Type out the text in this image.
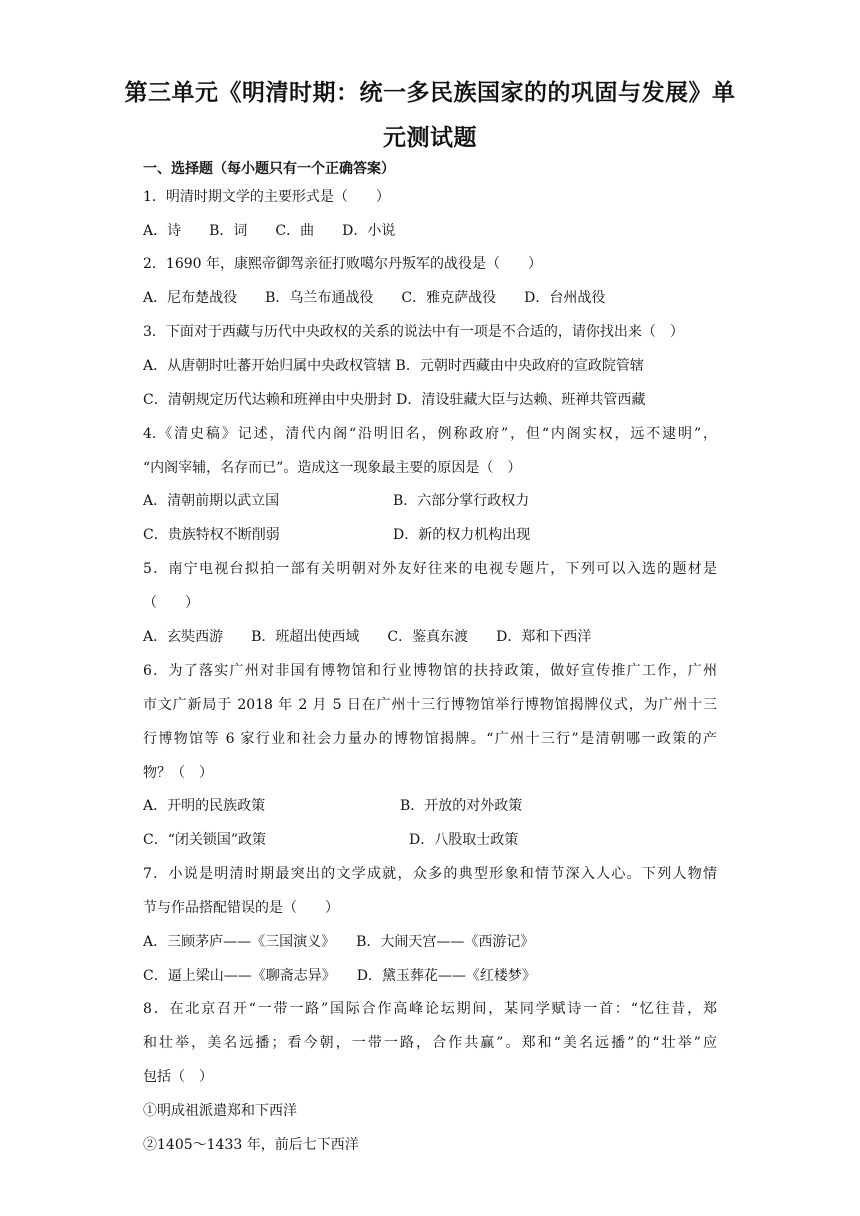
第三单元《明清时期：统一多民族国家的的巩固与发展》单
元测试题
一、选择题（每小题只有一个正确答案）
1．明清时期文学的主要形式是（　　）
A．诗　　B．词　　C．曲　　D．小说
2．1690 年，康熙帝御驾亲征打败噶尔丹叛军的战役是（　　）
A．尼布楚战役　　B．乌兰布通战役　　C．雅克萨战役　　D．台州战役
3．下面对于西藏与历代中央政权的关系的说法中有一项是不合适的，请你找出来（　）
A．从唐朝时吐蕃开始归属中央政权管辖 B．元朝时西藏由中央政府的宣政院管辖
C．清朝规定历代达赖和班禅由中央册封 D．清设驻藏大臣与达赖、班禅共管西藏
4.《清史稿》记述，清代内阁“沿明旧名，例称政府”，但“内阁实权，远不逮明”，
“内阁宰辅，名存而已”。造成这一现象最主要的原因是（　）
A．清朝前期以武立国	B．六部分掌行政权力
C．贵族特权不断削弱	D．新的权力机构出现
5．南宁电视台拟拍一部有关明朝对外友好往来的电视专题片，下列可以入选的题材是
（　　）
A．玄奘西游　　B．班超出使西域　　C．鉴真东渡　　D．郑和下西洋
6．为了落实广州对非国有博物馆和行业博物馆的扶持政策，做好宣传推广工作，广州
市文广新局于 2018 年 2 月 5 日在广州十三行博物馆举行博物馆揭牌仪式，为广州十三
行博物馆等 6 家行业和社会力量办的博物馆揭牌。“广州十三行”是清朝哪一政策的产
物？（　）
A．开明的民族政策	B．开放的对外政策
C．“闭关锁国”政策	D．八股取士政策
7．小说是明清时期最突出的文学成就，众多的典型形象和情节深入人心。下列人物情
节与作品搭配错误的是（　　）
A．三顾茅庐——《三国演义》　　B．大闹天宫——《西游记》
C．逼上梁山——《聊斋志异》　　D．黛玉葬花——《红楼梦》
8．在北京召开“一带一路”国际合作高峰论坛期间，某同学赋诗一首：“忆往昔，郑
和壮举，美名远播；看今朝，一带一路，合作共赢”。郑和“美名远播”的“壮举”应
包括（　）
①明成祖派遣郑和下西洋
②1405～1433 年，前后七下西洋
